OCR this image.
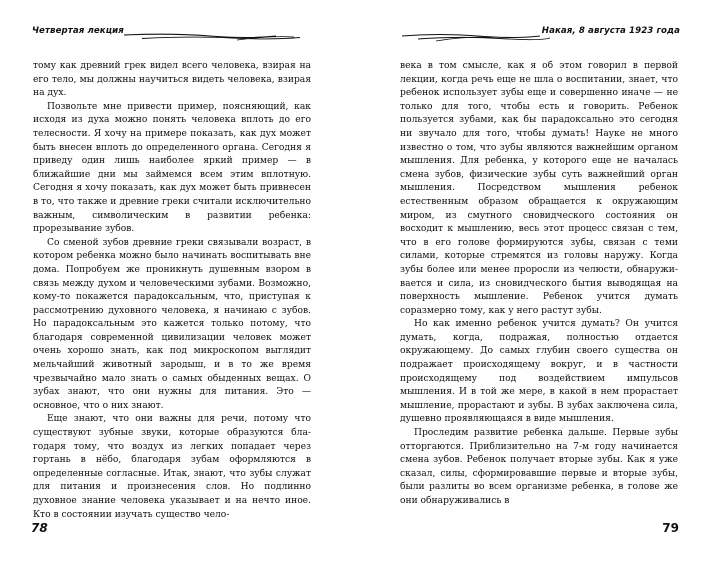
Четвертая лекция

тому как древний грек видел всего человека, взирая на его тело, мы должны научиться видеть человека, взирая на дух.

Позвольте мне привести пример, поясняющий, как исходя из духа можно понять человека вплоть до его телесности. Я хочу на примере показать, как дух может быть внесен вплоть до определенного органа. Сегодня я приведу один лишь наиболее яркий пример — в ближайшие дни мы займемся всем этим вплотную. Сегодня я хочу показать, как дух может быть привнесен в то, что также и древние греки считали исключительно важным, символическим в развитии ребенка: прорезывание зубов.

Со сменой зубов древние греки связывали возраст, в котором ребенка можно было начинать воспитывать вне дома. Попробуем же проникнуть душевным взором в связь между духом и человеческими зубами. Возможно, кому-то покажется парадоксальным, что, приступая к рассмотрению духовного человека, я начинаю с зубов. Но парадоксальным это кажется только потому, что благодаря современной цивилизации человек может очень хорошо знать, как под микроскопом выглядит мельчайший животный зародыш, и в то же время чрезвычайно мало знать о самых обыденных вещах. О зубах знают, что они нужны для питания. Это — основное, что о них знают.

Еще знают, что они важны для речи, потому что существуют зубные звуки, которые образуются благодаря тому, что воздух из легких попадает через гортань в нёбо, благодаря зубам оформляются в определенные согласные. Итак, знают, что зубы служат для питания и произнесения слов. Но подлинно духовное знание человека указывает и на нечто иное. Кто в состоянии изучать существо чело-

78
Накая, 8 августа 1923 года

века в том смысле, как я об этом говорил в первой лекции, когда речь еще не шла о воспитании, знает, что ребенок использует зубы еще и совершенно иначе — не только для того, чтобы есть и говорить. Ребенок пользуется зубами, как бы парадоксально это сегодня ни звучало для того, чтобы думать! Науке не много известно о том, что зубы являются важнейшим органом мышления. Для ребенка, у которого еще не началась смена зубов, физические зубы суть важнейший орган мышления. Посредством мышления ребенок естественным образом обращается к окружающим миром, из смутного сновидческого состояния он восходит к мышлению, весь этот процесс связан с тем, что в его голове формируются зубы, связан с теми силами, которые стремятся из головы наружу. Когда зубы более или менее проросли из челюсти, обнаруживается и сила, из сновидческого бытия выводящая на поверхность мышление. Ребенок учится думать соразмерно тому, как у него растут зубы.

Но как именно ребенок учится думать? Он учится думать, когда, подражая, полностью отдается окружающему. До самых глубин своего существа он подражает происходящему вокруг, и в частности происходящему под воздействием импульсов мышления. И в той же мере, в какой в нем прорастает мышление, прорастают и зубы. В зубах заключена сила, душевно проявляющаяся в виде мышления.

Проследим развитие ребенка дальше. Первые зубы отторгаются. Приблизительно на 7-м году начинается смена зубов. Ребенок получает вторые зубы. Как я уже сказал, силы, сформировавшие первые и вторые зубы, были разлиты во всем организме ребенка, в голове же они обнаруживались в

79
